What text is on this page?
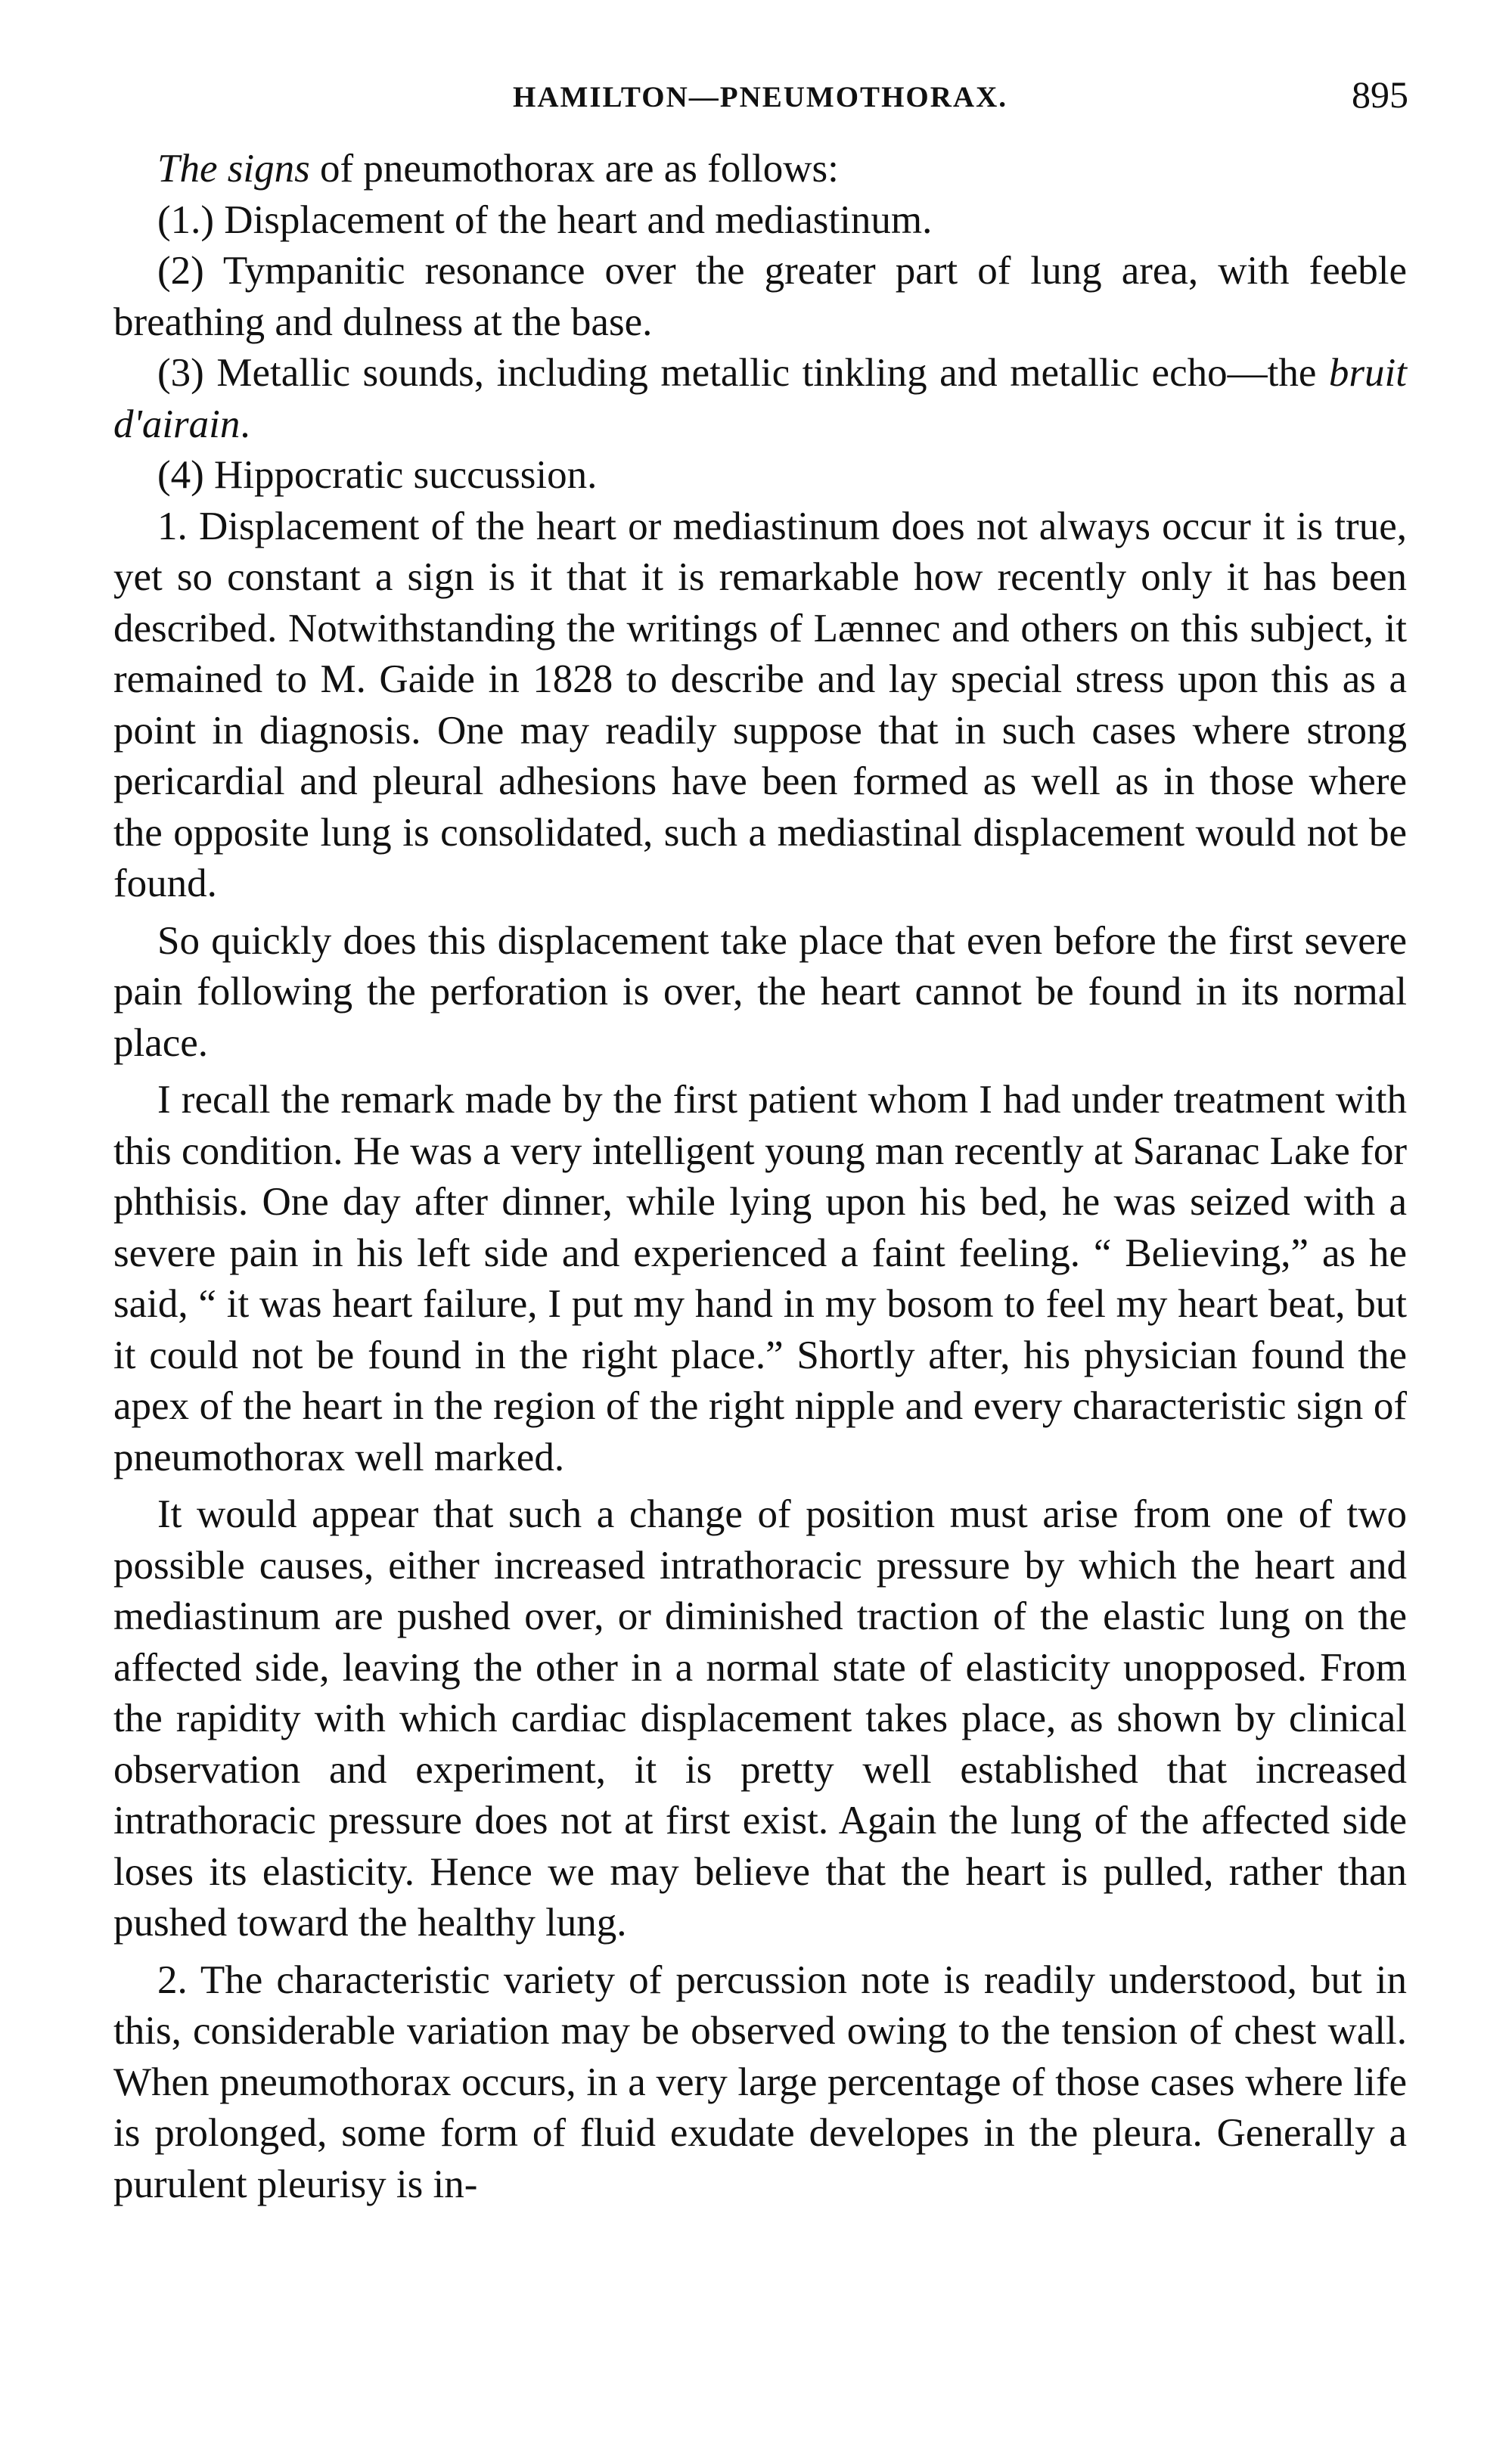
HAMILTON—PNEUMOTHORAX.	895

The signs of pneumothorax are as follows:

(1.) Displacement of the heart and mediastinum.

(2) Tympanitic resonance over the greater part of lung area, with feeble breathing and dulness at the base.

(3) Metallic sounds, including metallic tinkling and metallic echo—the bruit d'airain.

(4) Hippocratic succussion.

1. Displacement of the heart or mediastinum does not always occur it is true, yet so constant a sign is it that it is remarkable how recently only it has been described. Notwithstanding the writings of Lænnec and others on this subject, it remained to M. Gaide in 1828 to describe and lay special stress upon this as a point in diagnosis. One may readily suppose that in such cases where strong pericardial and pleural adhesions have been formed as well as in those where the opposite lung is consolidated, such a mediastinal displacement would not be found.

So quickly does this displacement take place that even before the first severe pain following the perforation is over, the heart cannot be found in its normal place.

I recall the remark made by the first patient whom I had under treatment with this condition. He was a very intelligent young man recently at Saranac Lake for phthisis. One day after dinner, while lying upon his bed, he was seized with a severe pain in his left side and experienced a faint feeling. “ Believing,” as he said, “ it was heart failure, I put my hand in my bosom to feel my heart beat, but it could not be found in the right place.” Shortly after, his physician found the apex of the heart in the region of the right nipple and every characteristic sign of pneumothorax well marked.

It would appear that such a change of position must arise from one of two possible causes, either increased intrathoracic pressure by which the heart and mediastinum are pushed over, or diminished traction of the elastic lung on the affected side, leaving the other in a normal state of elasticity unopposed. From the rapidity with which cardiac displacement takes place, as shown by clinical observation and experiment, it is pretty well established that increased intrathoracic pressure does not at first exist. Again the lung of the affected side loses its elasticity. Hence we may believe that the heart is pulled, rather than pushed toward the healthy lung.

2. The characteristic variety of percussion note is readily understood, but in this, considerable variation may be observed owing to the tension of chest wall. When pneumothorax occurs, in a very large percentage of those cases where life is prolonged, some form of fluid exudate developes in the pleura. Generally a purulent pleurisy is in-
